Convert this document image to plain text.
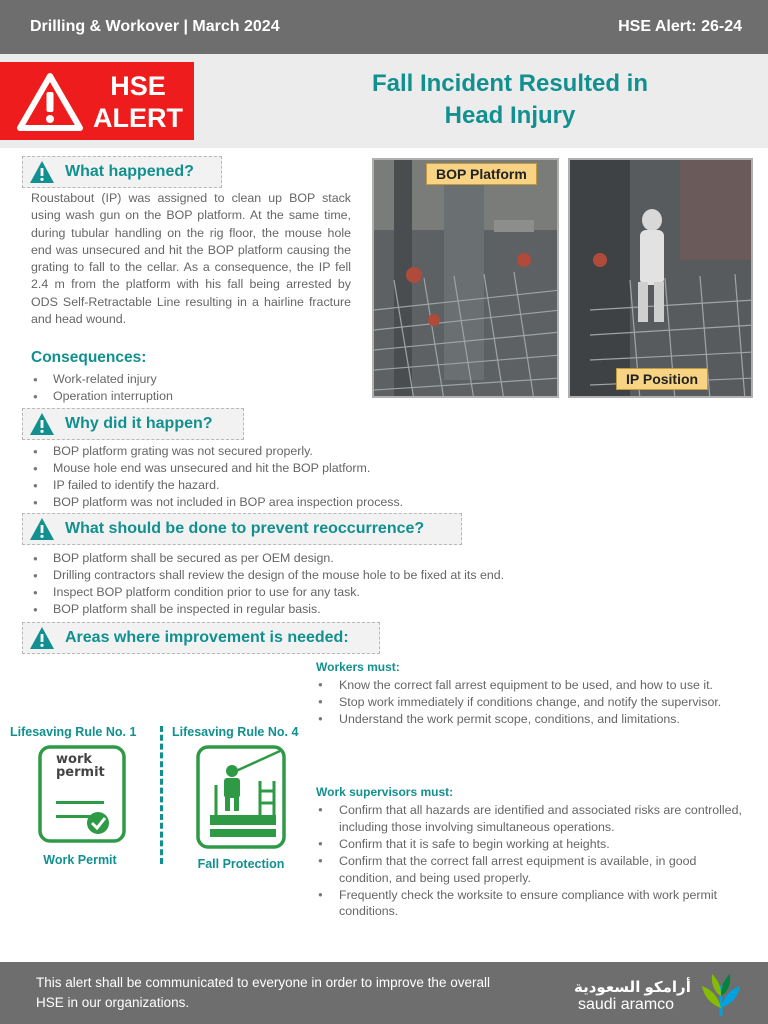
Drilling & Workover | March 2024	HSE Alert: 26-24
HSE
ALERT
Fall Incident Resulted in
Head Injury
What happened?
Roustabout (IP) was assigned to clean up BOP stack using wash gun on the BOP platform. At the same time, during tubular handling on the rig floor, the mouse hole end was unsecured and hit the BOP platform causing the grating to fall to the cellar. As a consequence, the IP fell 2.4 m from the platform with his fall being arrested by ODS Self-Retractable Line resulting in a hairline fracture and head wound.
Consequences:
● Work-related injury
● Operation interruption
BOP Platform
IP Position
Why did it happen?
● BOP platform grating was not secured properly.
● Mouse hole end was unsecured and hit the BOP platform.
● IP failed to identify the hazard.
● BOP platform was not included in BOP area inspection process.
What should be done to prevent reoccurrence?
● BOP platform shall be secured as per OEM design.
● Drilling contractors shall review the design of the mouse hole to be fixed at its end.
● Inspect BOP platform condition prior to use for any task.
● BOP platform shall be inspected in regular basis.
Areas where improvement is needed:
Lifesaving Rule No. 1	Lifesaving Rule No. 4
work
permit
Work Permit	Fall Protection
Workers must:
● Know the correct fall arrest equipment to be used, and how to use it.
● Stop work immediately if conditions change, and notify the supervisor.
● Understand the work permit scope, conditions, and limitations.
Work supervisors must:
● Confirm that all hazards are identified and associated risks are controlled, including those involving simultaneous operations.
● Confirm that it is safe to begin working at heights.
● Confirm that the correct fall arrest equipment is available, in good condition, and being used properly.
● Frequently check the worksite to ensure compliance with work permit conditions.
This alert shall be communicated to everyone in order to improve the overall HSE in our organizations.
أرامكو السعودية
saudi aramco
